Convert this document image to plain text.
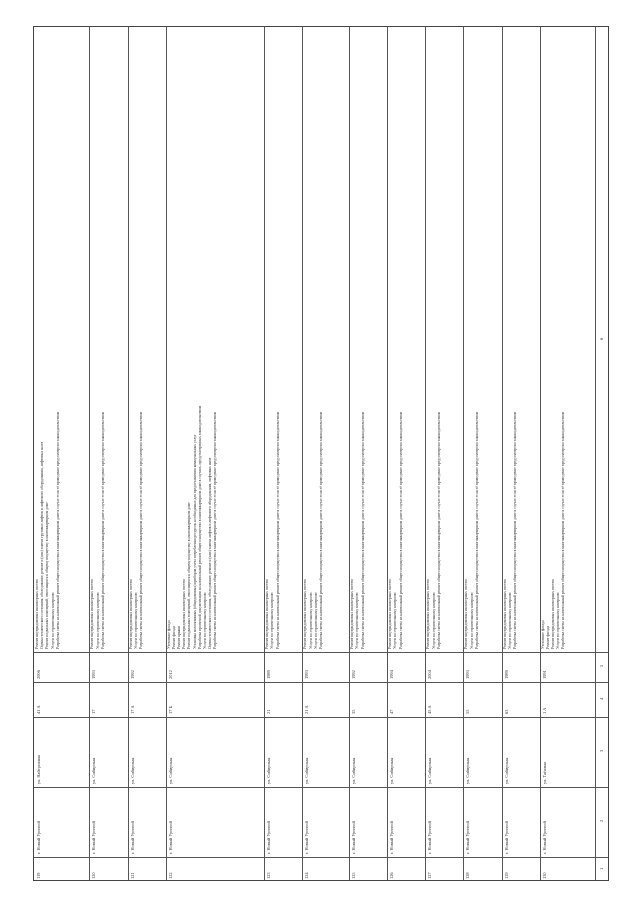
119
г. Новый Уренгой
ул. Набережная
41 А
2006
Ремонт внутридомовых инженерных систем Оценка технического состояния, обследование, ремонт и (или) замена грузовых лифтов и лифтового оборудования, лифтовых шахт Ремонт подвальных помещений, относящихся к общему имуществу в многоквартирном доме Услуги по строительному контролю Разработка сметы на капитальный ремонт общего имущества в многоквартирном доме в случае если её проведение предусмотрено законодательством
120
г. Новый Уренгой
ул. Сибирская
17
1993
Ремонт внутридомовых инженерных систем Услуги по строительному контролю Разработка сметы на капитальный ремонт общего имущества в многоквартирном доме в случае если её проведение предусмотрено законодательством
121
г. Новый Уренгой
ул. Сибирская
17 А
1992
Ремонт внутридомовых инженерных систем Услуги по строительному контролю Разработка сметы на капитальный ремонт общего имущества в многоквартирном доме в случае если её проведение предусмотрено законодательством
122
г. Новый Уренгой
ул. Сибирская
17 Б
2012
Утепление фасада Ремонт фасада Ремонт крыши Ремонт внутридомовых инженерных систем Ремонт подвальных помещений, относящихся к общему имуществу в многоквартирном доме Установка коллективных (общедомовых) приборов учета потребления ресурсов, необходимых для предоставления коммунальных услуг Разработка проектной документации на капитальный ремонт общего имущества в многоквартирном доме в случаях, предусмотренных законодательством Услуги по строительному контролю Оценка технического состояния, обследование, ремонт и (или) замена лифтов и лифтового оборудования, лифтовых шахт Разработка сметы на капитальный ремонт общего имущества в многоквартирном доме в случае если её проведение предусмотрено законодательством
123
г. Новый Уренгой
ул. Сибирская
21
1989
Ремонт внутридомовых инженерных систем Услуги по строительному контролю Разработка сметы на капитальный ремонт общего имущества в многоквартирном доме в случае если её проведение предусмотрено законодательством
124
г. Новый Уренгой
ул. Сибирская
21 А
1993
Ремонт внутридомовых инженерных систем Услуги по строительному контролю Услуги по строительному контролю Разработка сметы на капитальный ремонт общего имущества в многоквартирном доме в случае если её проведение предусмотрено законодательством
125
г. Новый Уренгой
ул. Сибирская
35
1992
Ремонт внутридомовых инженерных систем Услуги по строительному контролю Разработка сметы на капитальный ремонт общего имущества в многоквартирном доме в случае если её проведение предусмотрено законодательством
126
г. Новый Уренгой
ул. Сибирская
47
1994
Ремонт внутридомовых инженерных систем Услуги по строительному контролю Разработка сметы на капитальный ремонт общего имущества в многоквартирном доме в случае если её проведение предусмотрено законодательством
127
г. Новый Уренгой
ул. Сибирская
45 А
2004
Ремонт внутридомовых инженерных систем Услуги по строительному контролю Разработка сметы на капитальный ремонт общего имущества в многоквартирном доме в случае если её проведение предусмотрено законодательством
128
г. Новый Уренгой
ул. Сибирская
55
1993
Ремонт внутридомовых инженерных систем Услуги по строительному контролю Разработка сметы на капитальный ремонт общего имущества в многоквартирном доме в случае если её проведение предусмотрено законодательством
129
г. Новый Уренгой
ул. Сибирская
63
1989
Ремонт внутридомовых инженерных систем Услуги по строительному контролю Разработка сметы на капитальный ремонт общего имущества в многоквартирном доме в случае если её проведение предусмотрено законодательством
130
г. Новый Уренгой
ул. Таёжная
1 А
1991
Утепление фасада Ремонт фасада Ремонт внутридомовых инженерных систем Услуги по строительному контролю Разработка сметы на капитальный ремонт общего имущества в многоквартирном доме в случае если её проведение предусмотрено законодательством
1
2
3
4
5
6
